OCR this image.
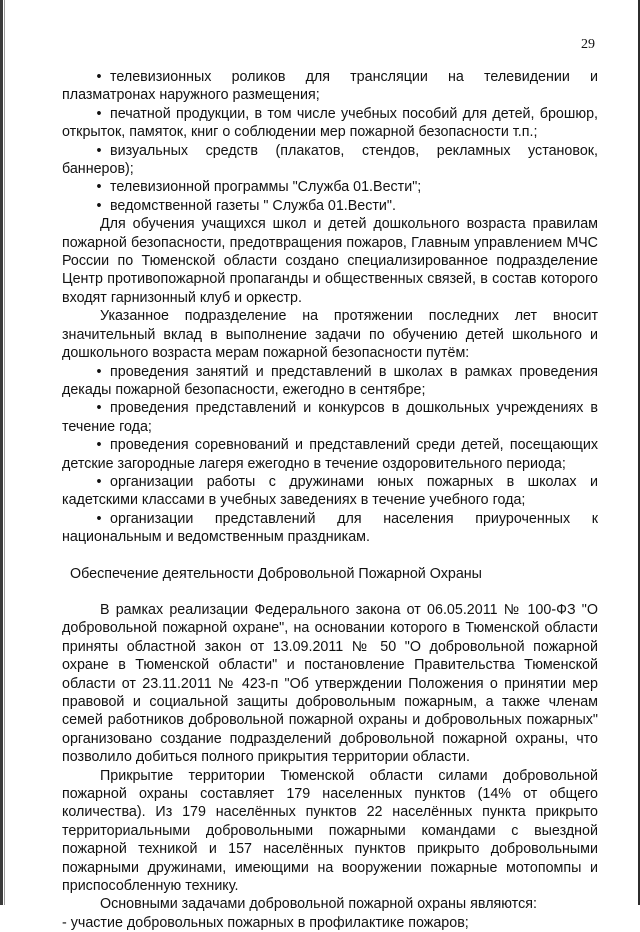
29

• телевизионных роликов для трансляции на телевидении и плазматронах наружного размещения;

• печатной продукции, в том числе учебных пособий для детей, брошюр, открыток, памяток, книг о соблюдении мер пожарной безопасности т.п.;

• визуальных средств (плакатов, стендов, рекламных установок, баннеров);

• телевизионной программы "Служба 01.Вести";

• ведомственной газеты " Служба 01.Вести".

Для обучения учащихся школ и детей дошкольного возраста правилам пожарной безопасности, предотвращения пожаров, Главным управлением МЧС России по Тюменской области создано специализированное подразделение Центр противопожарной пропаганды и общественных связей, в состав которого входят гарнизонный клуб и оркестр.

Указанное подразделение на протяжении последних лет вносит значительный вклад в выполнение задачи по обучению детей школьного и дошкольного возраста мерам пожарной безопасности путём:

• проведения занятий и представлений в школах в рамках проведения декады пожарной безопасности, ежегодно в сентябре;

• проведения представлений и конкурсов в дошкольных учреждениях в течение года;

• проведения соревнований и представлений среди детей, посещающих детские загородные лагеря ежегодно в течение оздоровительного периода;

• организации работы с дружинами юных пожарных в школах и кадетскими классами в учебных заведениях в течение учебного года;

• организации представлений для населения приуроченных к национальным и ведомственным праздникам.

Обеспечение деятельности Добровольной Пожарной Охраны

В рамках реализации Федерального закона от 06.05.2011 № 100-ФЗ "О добровольной пожарной охране", на основании которого в Тюменской области приняты областной закон от 13.09.2011 № 50 "О добровольной пожарной охране в Тюменской области" и постановление Правительства Тюменской области от 23.11.2011 № 423-п "Об утверждении Положения о принятии мер правовой и социальной защиты добровольным пожарным, а также членам семей работников добровольной пожарной охраны и добровольных пожарных" организовано создание подразделений добровольной пожарной охраны, что позволило добиться полного прикрытия территории области.

Прикрытие территории Тюменской области силами добровольной пожарной охраны составляет 179 населенных пунктов (14% от общего количества). Из 179 населённых пунктов 22 населённых пункта прикрыто территориальными добровольными пожарными командами с выездной пожарной техникой и 157 населённых пунктов прикрыто добровольными пожарными дружинами, имеющими на вооружении пожарные мотопомпы и приспособленную технику.

Основными задачами добровольной пожарной охраны являются:

- участие добровольных пожарных в профилактике пожаров;
